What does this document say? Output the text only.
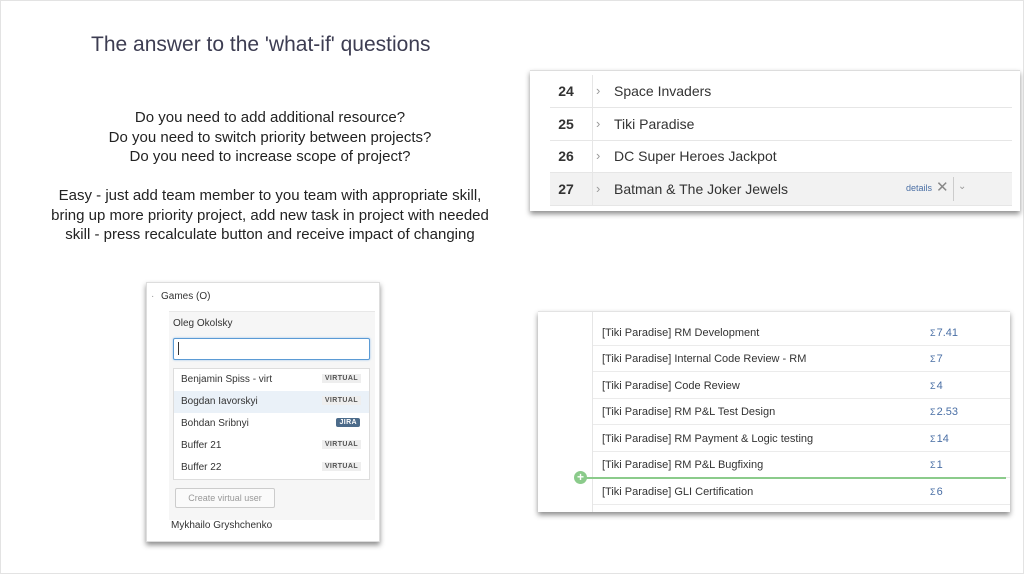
The answer to the 'what-if' questions

Do you need to add additional resource?

Do you need to switch priority between projects?

Do you need to increase scope of project?

Easy - just add team member to you team with appropriate skill,

bring up more priority project, add new task in project with needed

skill - press recalculate button and receive impact of changing

24	› Space Invaders
25	› Tiki Paradise
26	› DC Super Heroes Jackpot
27	› Batman & The Joker Jewels	details ✕ ⌄
· Games (O)
Oleg Okolsky
Benjamin Spiss - virt	VIRTUAL
Bogdan Iavorskyi	VIRTUAL
Bohdan Sribnyi	JIRA
Buffer 21	VIRTUAL
Buffer 22	VIRTUAL
Create virtual user
Mykhailo Gryshchenko
[Tiki Paradise] RM Development	Σ7.41
[Tiki Paradise] Internal Code Review - RM	Σ7
[Tiki Paradise] Code Review	Σ4
[Tiki Paradise] RM P&L Test Design	Σ2.53
[Tiki Paradise] RM Payment & Logic testing	Σ14
[Tiki Paradise] RM P&L Bugfixing	Σ1
[Tiki Paradise] GLI Certification	Σ6
+
